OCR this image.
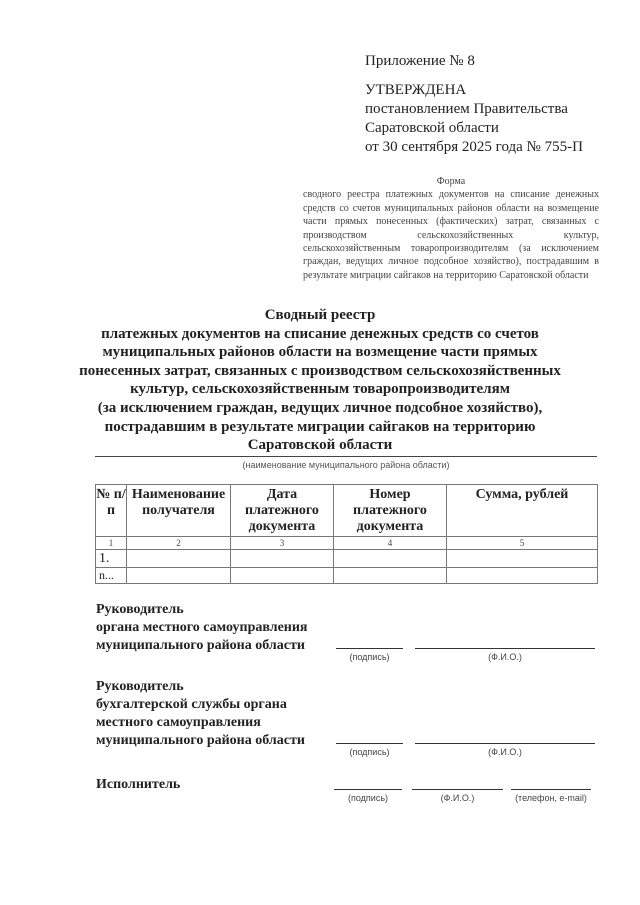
Приложение № 8
УТВЕРЖДЕНА
постановлением Правительства
Саратовской области
от 30 сентября 2025 года № 755-П
Форма
сводного реестра платежных документов на списание денежных средств со счетов муниципальных районов области на возмещение части прямых понесенных (фактических) затрат, связанных с производством сельскохозяйственных культур, сельскохозяйственным товаропроизводителям (за исключением граждан, ведущих личное подсобное хозяйство), пострадавшим в результате миграции сайгаков на территорию Саратовской области
Сводный реестр
платежных документов на списание денежных средств со счетов
муниципальных районов области на возмещение части прямых
понесенных затрат, связанных с производством сельскохозяйственных
культур, сельскохозяйственным товаропроизводителям
(за исключением граждан, ведущих личное подсобное хозяйство),
пострадавшим в результате миграции сайгаков на территорию
Саратовской области
(наименование муниципального района области)
№ п/п	Наименование получателя	Дата платежного документа	Номер платежного документа	Сумма, рублей
1	2	3	4	5
1.				
n...				
Руководитель
органа местного самоуправления
муниципального района области
(подпись)	(Ф.И.О.)
Руководитель
бухгалтерской службы органа
местного самоуправления
муниципального района области
(подпись)	(Ф.И.О.)
Исполнитель
(подпись)	(Ф.И.О.)	(телефон, e-mail)
